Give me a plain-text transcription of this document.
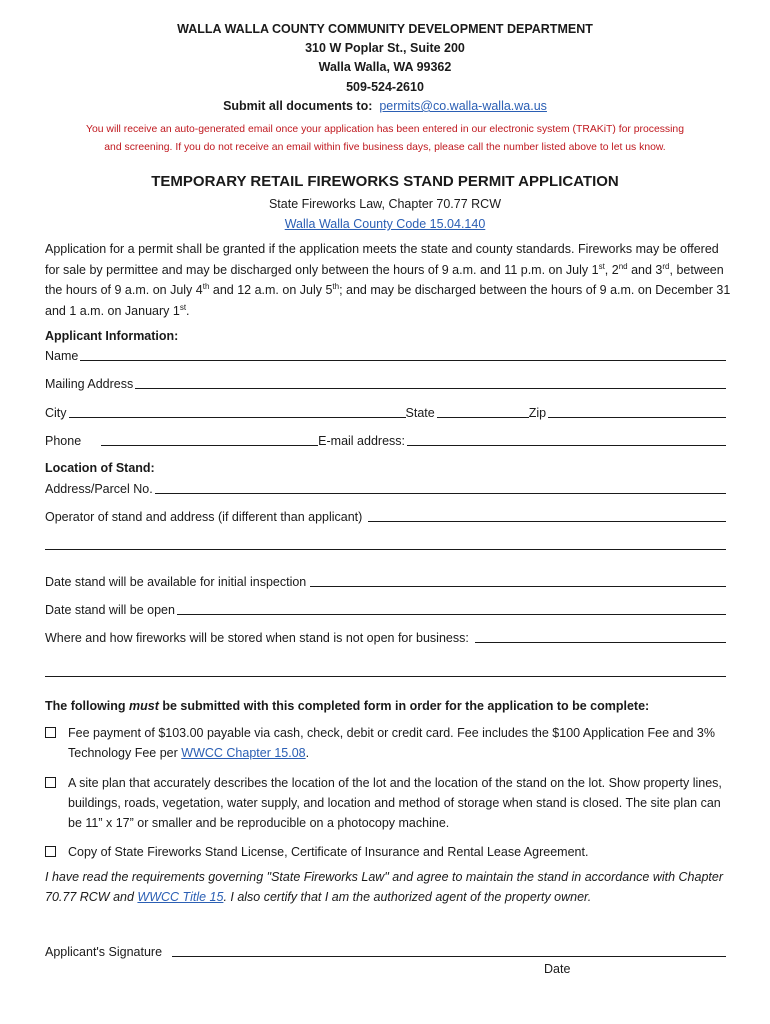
WALLA WALLA COUNTY COMMUNITY DEVELOPMENT DEPARTMENT
310 W Poplar St., Suite 200
Walla Walla, WA 99362
509-524-2610
Submit all documents to:  permits@co.walla-walla.wa.us
You will receive an auto-generated email once your application has been entered in our electronic system (TRAKiT) for processing
and screening. If you do not receive an email within five business days, please call the number listed above to let us know.
TEMPORARY RETAIL FIREWORKS STAND PERMIT APPLICATION
State Fireworks Law, Chapter 70.77 RCW
Walla Walla County Code 15.04.140
Application for a permit shall be granted if the application meets the state and county standards. Fireworks may be offered for sale by permittee and may be discharged only between the hours of 9 a.m. and 11 p.m. on July 1st, 2nd and 3rd, between the hours of 9 a.m. on July 4th and 12 a.m. on July 5th; and may be discharged between the hours of 9 a.m. on December 31 and 1 a.m. on January 1st.
Applicant Information:
Name
Mailing Address
City	State	Zip
Phone	E-mail address:
Location of Stand:
Address/Parcel No.
Operator of stand and address (if different than applicant)
Date stand will be available for initial inspection
Date stand will be open
Where and how fireworks will be stored when stand is not open for business:
The following must be submitted with this completed form in order for the application to be complete:
Fee payment of $103.00 payable via cash, check, debit or credit card. Fee includes the $100 Application Fee and 3% Technology Fee per WWCC Chapter 15.08.
A site plan that accurately describes the location of the lot and the location of the stand on the lot. Show property lines, buildings, roads, vegetation, water supply, and location and method of storage when stand is closed. The site plan can be 11” x 17” or smaller and be reproducible on a photocopy machine.
Copy of State Fireworks Stand License, Certificate of Insurance and Rental Lease Agreement.
I have read the requirements governing "State Fireworks Law" and agree to maintain the stand in accordance with Chapter 70.77 RCW and WWCC Title 15. I also certify that I am the authorized agent of the property owner.
Applicant's Signature
Date
